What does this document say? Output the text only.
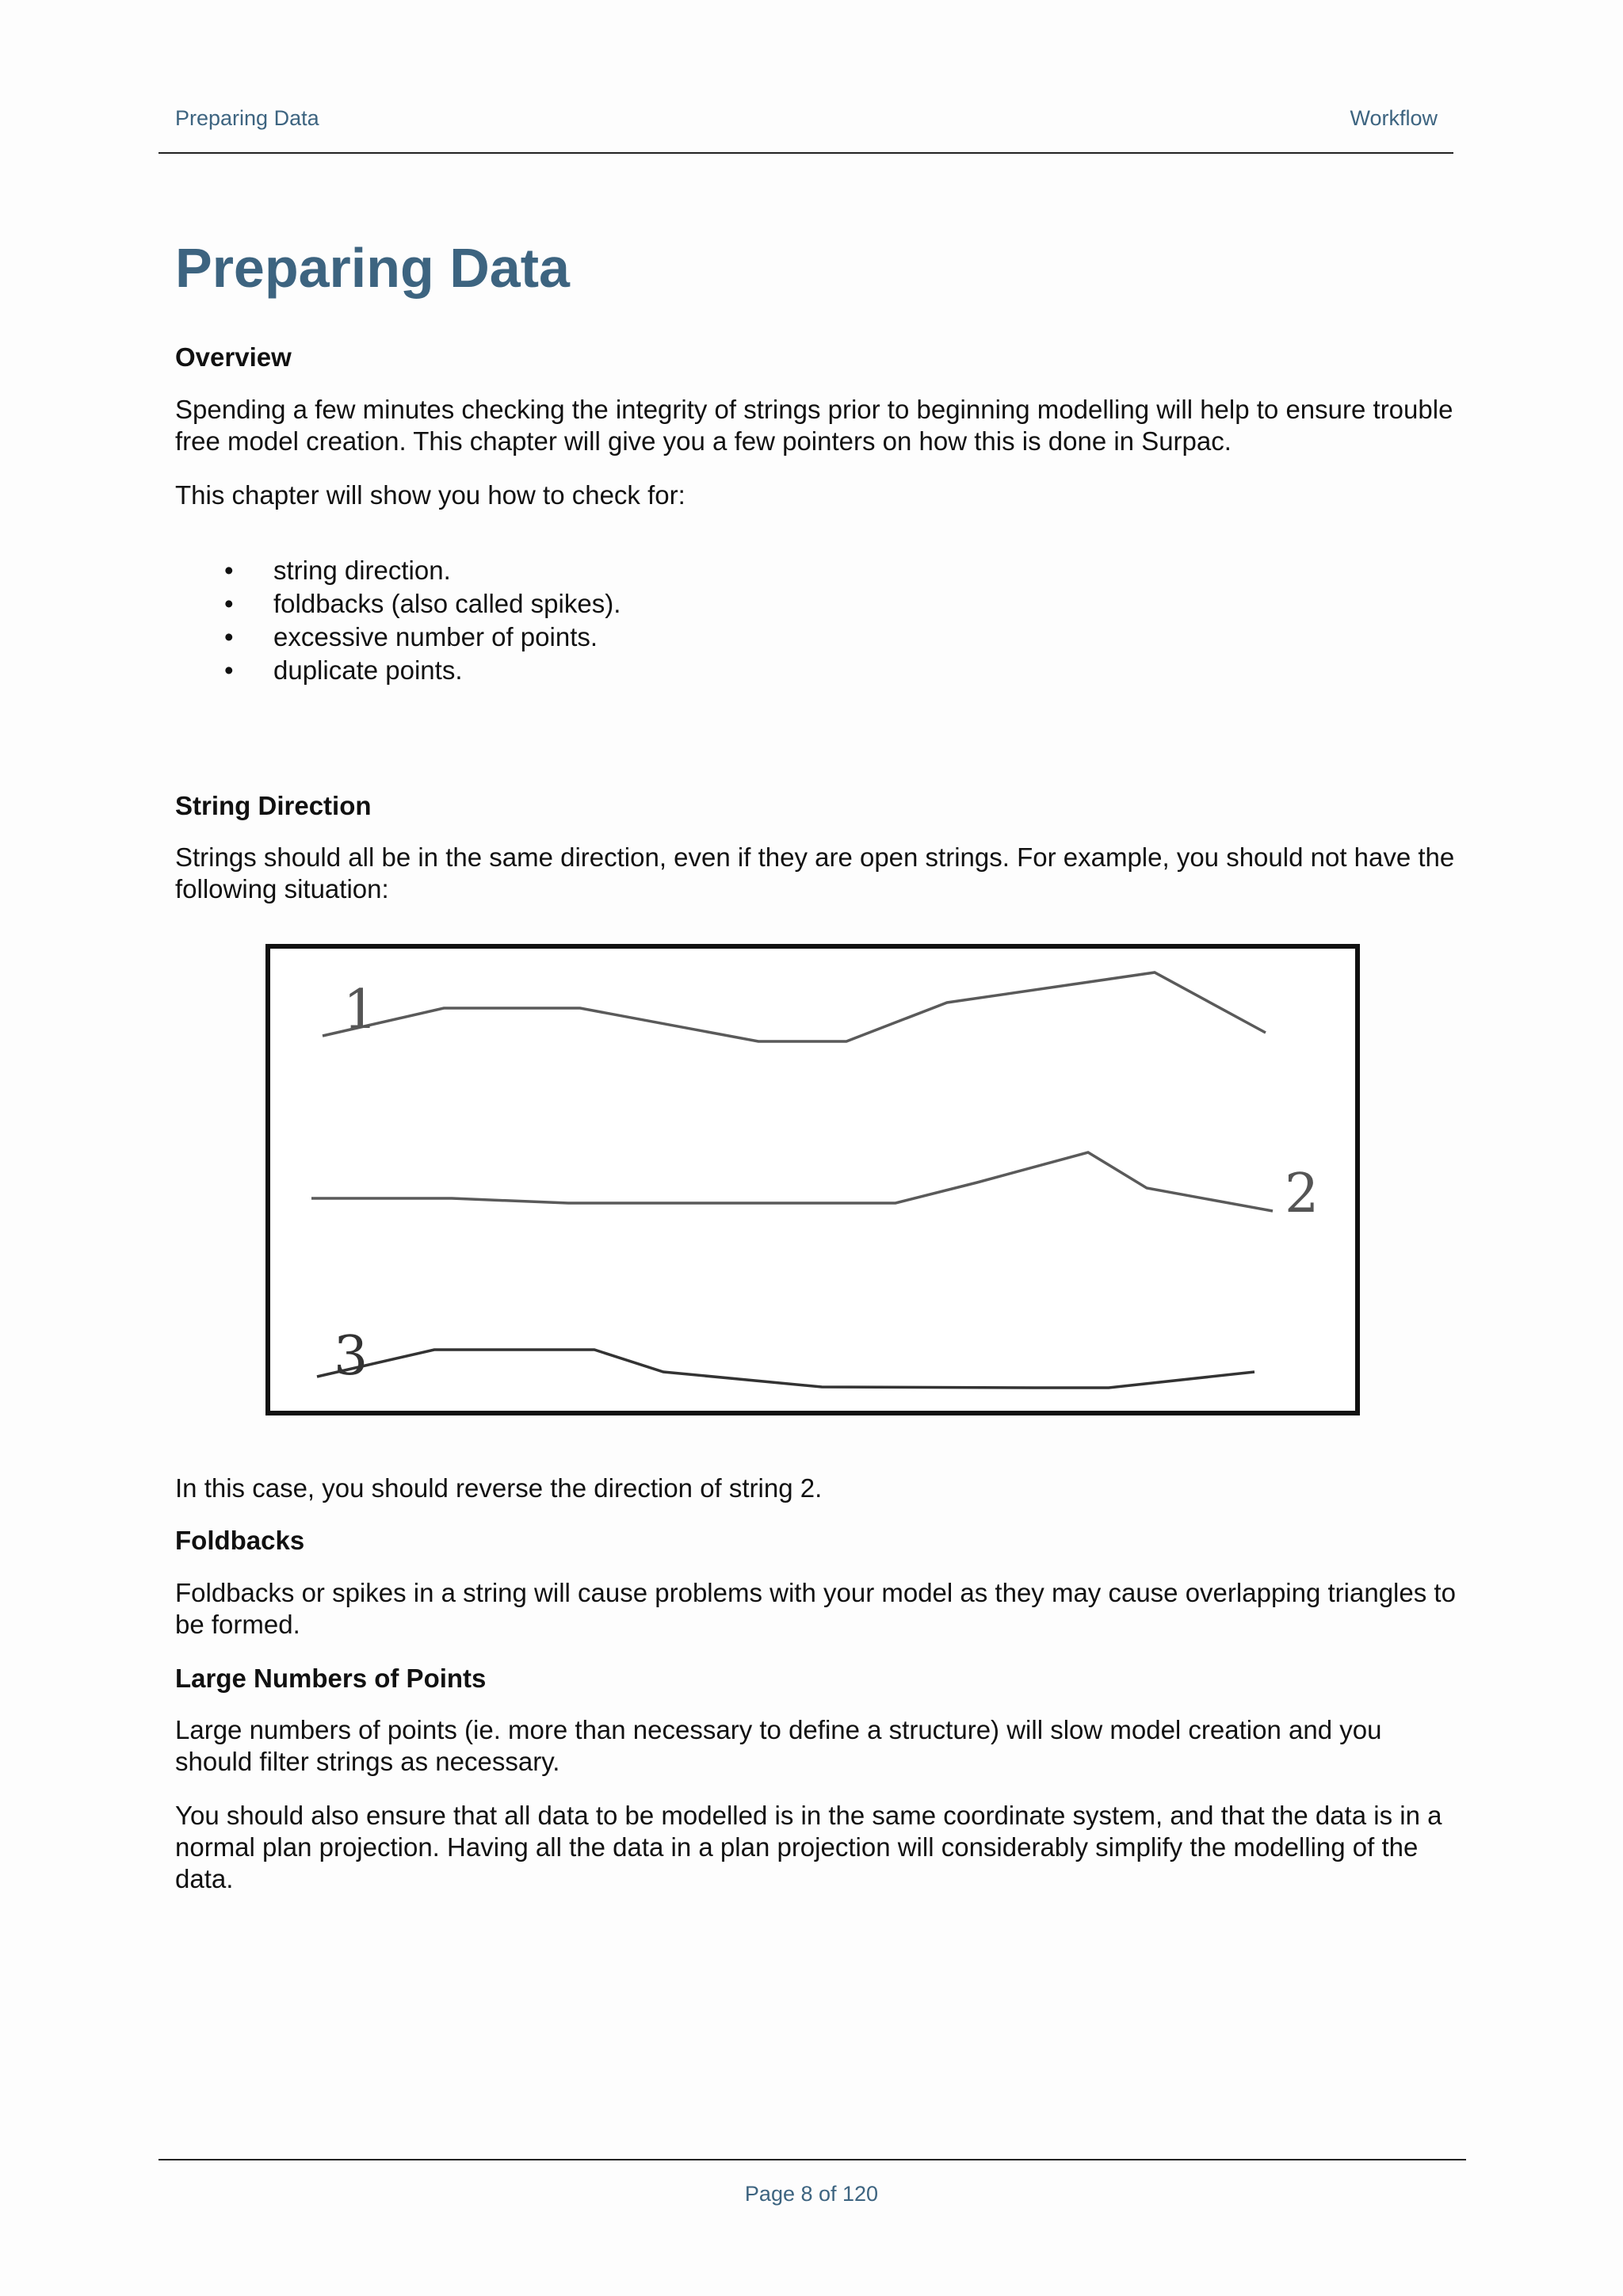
Preparing Data	Workflow
Preparing Data
Overview

Spending a few minutes checking the integrity of strings prior to beginning modelling will help to ensure trouble free model creation. This chapter will give you a few pointers on how this is done in Surpac.

This chapter will show you how to check for:

• string direction.
• foldbacks (also called spikes).
• excessive number of points.
• duplicate points.
String Direction

Strings should all be in the same direction, even if they are open strings. For example, you should not have the following situation:

In this case, you should reverse the direction of string 2.

Foldbacks

Foldbacks or spikes in a string will cause problems with your model as they may cause overlapping triangles to be formed.

Large Numbers of Points

Large numbers of points (ie. more than necessary to define a structure) will slow model creation and you should filter strings as necessary.

You should also ensure that all data to be modelled is in the same coordinate system, and that the data is in a normal plan projection. Having all the data in a plan projection will considerably simplify the modelling of the data.

1
2
3
Page 8 of 120
